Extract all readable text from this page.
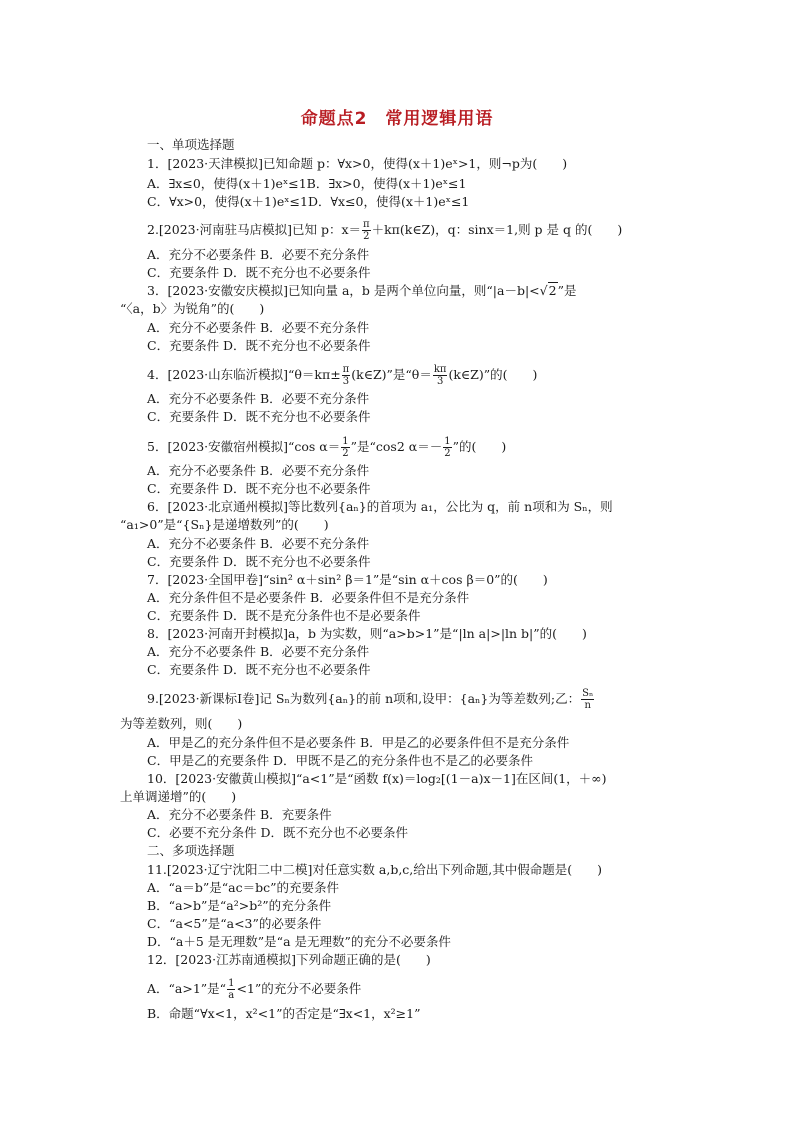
命题点2　常用逻辑用语
一、单项选择题
1．[2023·天津模拟]已知命题 p：∀x>0，使得(x＋1)eˣ>1，则¬p为(　　)
A．∃x≤0，使得(x＋1)eˣ≤1B．∃x>0，使得(x＋1)eˣ≤1
C．∀x>0，使得(x＋1)eˣ≤1D．∀x≤0，使得(x＋1)eˣ≤1
2.[2023·河南驻马店模拟]已知 p：$x= \frac{\pi}{2}$ ＋kπ(k∈Z)，q：sinx＝1,则 p 是 q 的(　　)
A．充分不必要条件 B．必要不充分条件
C．充要条件 D．既不充分也不必要条件
3．[2023·安徽安庆模拟]已知向量 a，b 是两个单位向量，则“|a－b|<√2”是
“〈a，b〉为锐角”的(　　)
A．充分不必要条件 B．必要不充分条件
C．充要条件 D．既不充分也不必要条件
4．[2023·山东临沂模拟]“θ＝kπ± $\frac{\pi}{3}$ (k∈Z)”是“$\theta= \frac{k\pi}{3}$ (k∈Z)”的(　　)
A．充分不必要条件 B．必要不充分条件
C．充要条件 D．既不充分也不必要条件
5．[2023·安徽宿州模拟]“cos $\alpha= \frac{1}{2}$ ”是“cos2 $\alpha=- \frac{1}{2}$ ”的(　　)
A．充分不必要条件 B．必要不充分条件
C．充要条件 D．既不充分也不必要条件
6．[2023·北京通州模拟]等比数列{aₙ}的首项为 a₁，公比为 q，前 n项和为 Sₙ，则
“a₁>0”是“{Sₙ}是递增数列”的(　　)
A．充分不必要条件 B．必要不充分条件
C．充要条件 D．既不充分也不必要条件
7．[2023·全国甲卷]“sin² α＋sin² β＝1”是“sin α＋cos β＝0”的(　　)
A．充分条件但不是必要条件 B．必要条件但不是充分条件
C．充要条件 D．既不是充分条件也不是必要条件
8．[2023·河南开封模拟]a，b 为实数，则“a>b>1”是“|ln a|>|ln b|”的(　　)
A．充分不必要条件 B．必要不充分条件
C．充要条件 D．既不充分也不必要条件
9.[2023·新课标Ⅰ卷]记 Sₙ为数列{aₙ}的前 n项和,设甲：{aₙ}为等差数列;乙： $\frac{\text{Sₙ}}{n}$
为等差数列，则(　　)
A．甲是乙的充分条件但不是必要条件 B．甲是乙的必要条件但不是充分条件
C．甲是乙的充要条件 D．甲既不是乙的充分条件也不是乙的必要条件
10．[2023·安徽黄山模拟]“a<1”是“函数 f(x)＝log₂[(1－a)x－1]在区间(1，＋∞)
上单调递增”的(　　)
A．充分不必要条件 B．充要条件
C．必要不充分条件 D．既不充分也不必要条件
二、多项选择题
11.[2023·辽宁沈阳二中二模]对任意实数 a,b,c,给出下列命题,其中假命题是(　　)
A．“a＝b”是“ac＝bc”的充要条件
B．“a>b”是“a²>b²”的充分条件
C．“a<5”是“a<3”的必要条件
D．“a＋5 是无理数”是“a 是无理数”的充分不必要条件
12．[2023·江苏南通模拟]下列命题正确的是(　　)
A．“a>1”是“ $\frac{1}{a} <1$”的充分不必要条件
B．命题“∀x<1，x²<1”的否定是“∃x<1，x²≥1”
